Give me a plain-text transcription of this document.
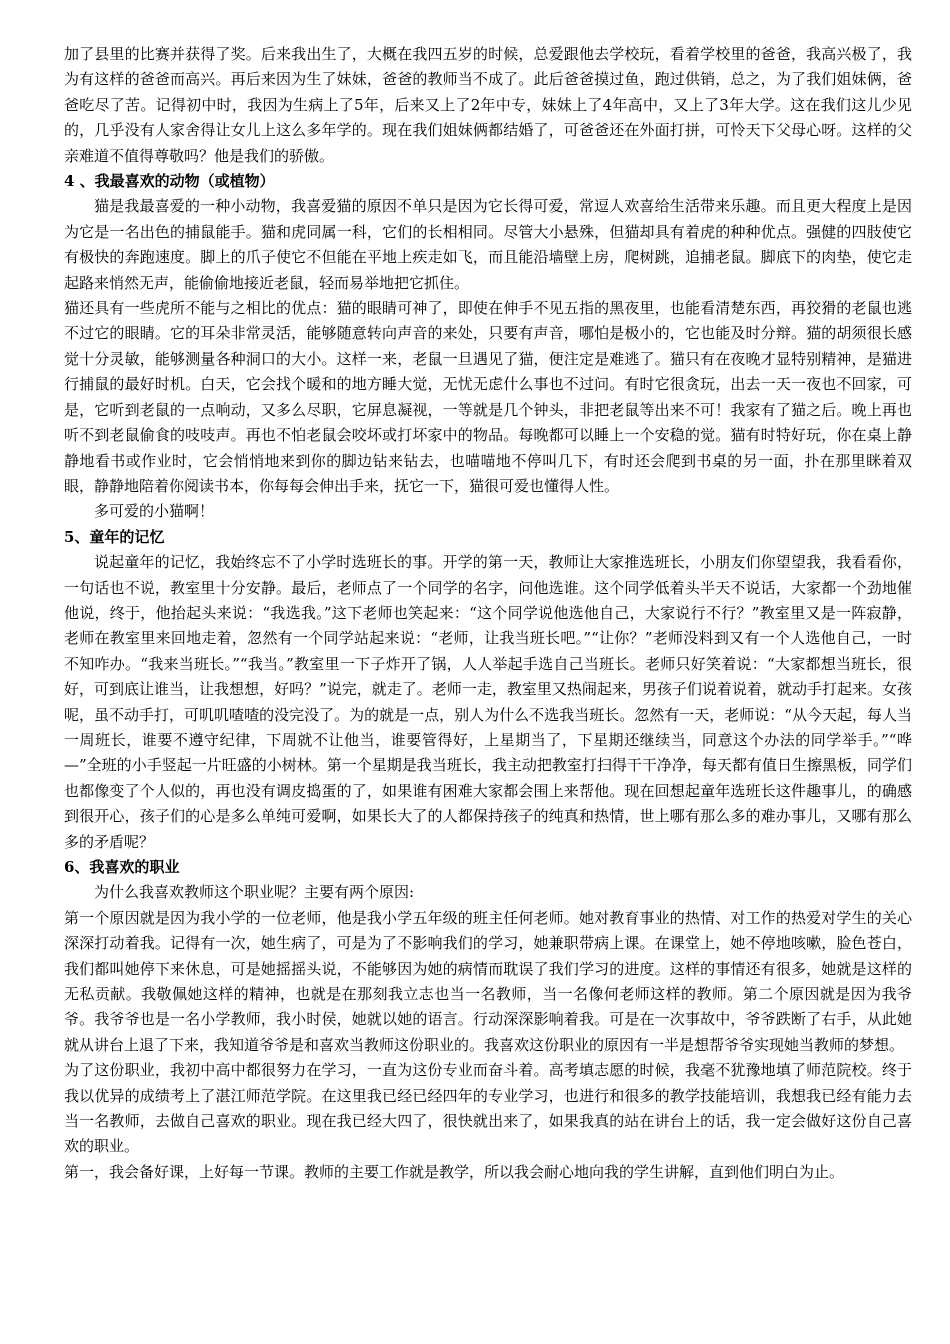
加了县里的比赛并获得了奖。后来我出生了，大概在我四五岁的时候，总爱跟他去学校玩，看着学校里的爸爸，我高兴极了，我为有这样的爸爸而高兴。再后来因为生了妹妹，爸爸的教师当不成了。此后爸爸摸过鱼，跑过供销，总之，为了我们姐妹俩，爸爸吃尽了苦。记得初中时，我因为生病上了5年，后来又上了2年中专，妹妹上了4年高中，又上了3年大学。这在我们这儿少见的，几乎没有人家舍得让女儿上这么多年学的。现在我们姐妹俩都结婚了，可爸爸还在外面打拼，可怜天下父母心呀。这样的父亲难道不值得尊敬吗？他是我们的骄傲。

4 、我最喜欢的动物（或植物）

猫是我最喜爱的一种小动物，我喜爱猫的原因不单只是因为它长得可爱，常逗人欢喜给生活带来乐趣。而且更大程度上是因为它是一名出色的捕鼠能手。猫和虎同属一科，它们的长相相同。尽管大小悬殊，但猫却具有着虎的种种优点。强健的四肢使它有极快的奔跑速度。脚上的爪子使它不但能在平地上疾走如飞，而且能沿墙壁上房，爬树跳，追捕老鼠。脚底下的肉垫，使它走起路来悄然无声，能偷偷地接近老鼠，轻而易举地把它抓住。

猫还具有一些虎所不能与之相比的优点：猫的眼睛可神了，即使在伸手不见五指的黑夜里，也能看清楚东西，再狡猾的老鼠也逃不过它的眼睛。它的耳朵非常灵活，能够随意转向声音的来处，只要有声音，哪怕是极小的，它也能及时分辩。猫的胡须很长感觉十分灵敏，能够测量各种洞口的大小。这样一来，老鼠一旦遇见了猫，便注定是难逃了。猫只有在夜晚才显特别精神，是猫进行捕鼠的最好时机。白天，它会找个暖和的地方睡大觉，无忧无虑什么事也不过问。有时它很贪玩，出去一天一夜也不回家，可是，它听到老鼠的一点响动，又多么尽职，它屏息凝视，一等就是几个钟头，非把老鼠等出来不可！我家有了猫之后。晚上再也听不到老鼠偷食的吱吱声。再也不怕老鼠会咬坏或打坏家中的物品。每晚都可以睡上一个安稳的觉。猫有时特好玩，你在桌上静静地看书或作业时，它会悄悄地来到你的脚边钻来钻去，也喵喵地不停叫几下，有时还会爬到书桌的另一面，扑在那里眯着双眼，静静地陪着你阅读书本，你每每会伸出手来，抚它一下，猫很可爱也懂得人性。

多可爱的小猫啊！

5、童年的记忆

说起童年的记忆，我始终忘不了小学时选班长的事。开学的第一天，教师让大家推选班长，小朋友们你望望我，我看看你，一句话也不说，教室里十分安静。最后，老师点了一个同学的名字，问他选谁。这个同学低着头半天不说话，大家都一个劲地催他说，终于，他抬起头来说：“我选我。”这下老师也笑起来：“这个同学说他选他自己，大家说行不行？”教室里又是一阵寂静，老师在教室里来回地走着，忽然有一个同学站起来说：“老师，让我当班长吧。”“让你？”老师没料到又有一个人选他自己，一时不知咋办。“我来当班长。”“我当。”教室里一下子炸开了锅，人人举起手选自己当班长。老师只好笑着说：“大家都想当班长，很好，可到底让谁当，让我想想，好吗？”说完，就走了。老师一走，教室里又热闹起来，男孩子们说着说着，就动手打起来。女孩呢，虽不动手打，可叽叽喳喳的没完没了。为的就是一点，别人为什么不选我当班长。忽然有一天，老师说：“从今天起，每人当一周班长，谁要不遵守纪律，下周就不让他当，谁要管得好，上星期当了，下星期还继续当，同意这个办法的同学举手。”“哗—”全班的小手竖起一片旺盛的小树林。第一个星期是我当班长，我主动把教室打扫得干干净净，每天都有值日生擦黑板，同学们也都像变了个人似的，再也没有调皮捣蛋的了，如果谁有困难大家都会围上来帮他。现在回想起童年选班长这件趣事儿，的确感到很开心，孩子们的心是多么单纯可爱啊，如果长大了的人都保持孩子的纯真和热情，世上哪有那么多的难办事儿，又哪有那么多的矛盾呢？

6、我喜欢的职业

为什么我喜欢教师这个职业呢？主要有两个原因:

第一个原因就是因为我小学的一位老师，他是我小学五年级的班主任何老师。她对教育事业的热情、对工作的热爱对学生的关心深深打动着我。记得有一次，她生病了，可是为了不影响我们的学习，她兼职带病上课。在课堂上，她不停地咳嗽，脸色苍白，我们都叫她停下来休息，可是她摇摇头说，不能够因为她的病情而耽误了我们学习的进度。这样的事情还有很多，她就是这样的无私贡献。我敬佩她这样的精神，也就是在那刻我立志也当一名教师，当一名像何老师这样的教师。第二个原因就是因为我爷爷。我爷爷也是一名小学教师，我小时侯，她就以她的语言。行动深深影响着我。可是在一次事故中，爷爷跌断了右手，从此她就从讲台上退了下来，我知道爷爷是和喜欢当教师这份职业的。我喜欢这份职业的原因有一半是想帮爷爷实现她当教师的梦想。

为了这份职业，我初中高中都很努力在学习，一直为这份专业而奋斗着。高考填志愿的时候，我毫不犹豫地填了师范院校。终于我以优异的成绩考上了湛江师范学院。在这里我已经已经四年的专业学习，也进行和很多的教学技能培训，我想我已经有能力去当一名教师，去做自己喜欢的职业。现在我已经大四了，很快就出来了，如果我真的站在讲台上的话，我一定会做好这份自己喜欢的职业。

第一，我会备好课，上好每一节课。教师的主要工作就是教学，所以我会耐心地向我的学生讲解，直到他们明白为止。
